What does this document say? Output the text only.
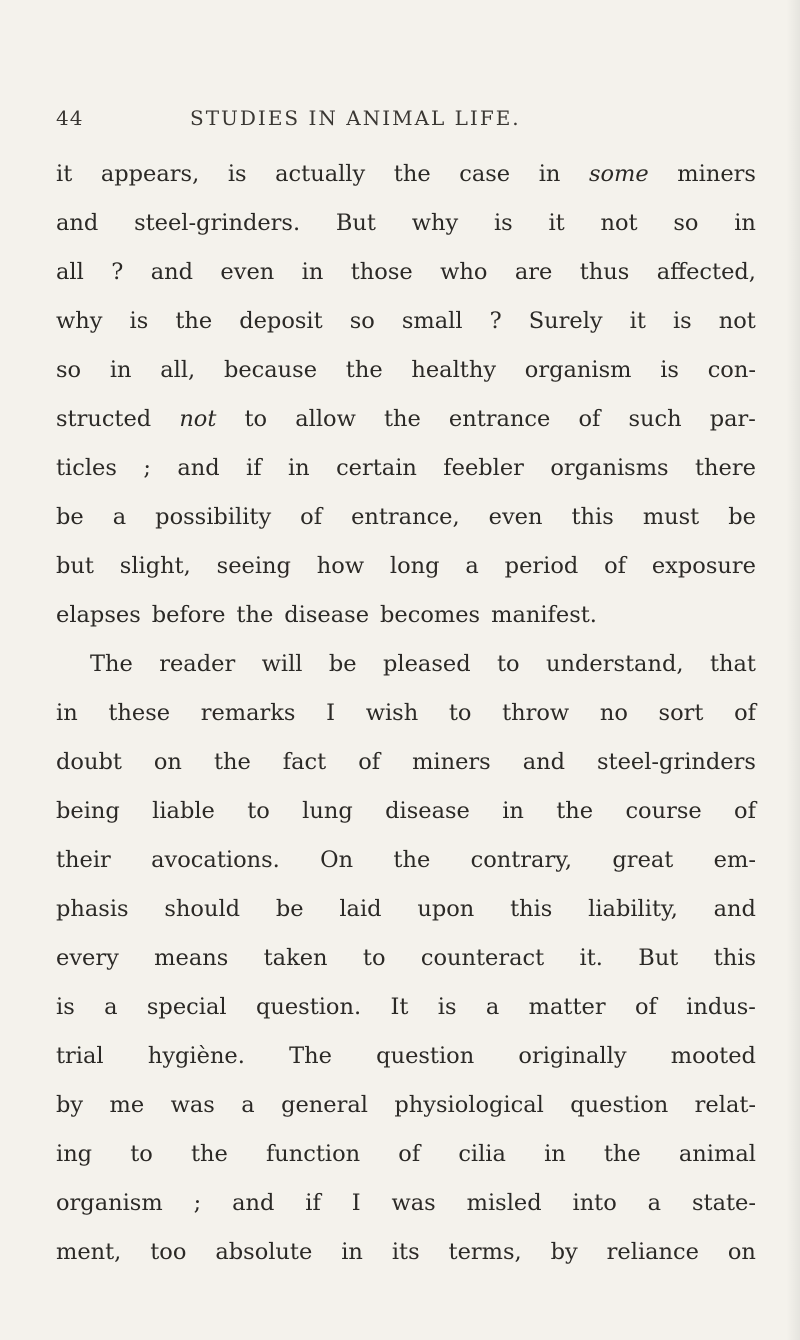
44	STUDIES IN ANIMAL LIFE.
it appears, is actually the case in some miners
and steel-grinders. But why is it not so in
all ? and even in those who are thus affected,
why is the deposit so small ? Surely it is not
so in all, because the healthy organism is con-
structed not to allow the entrance of such par-
ticles ; and if in certain feebler organisms there
be a possibility of entrance, even this must be
but slight, seeing how long a period of exposure
elapses before the disease becomes manifest.
The reader will be pleased to understand, that
in these remarks I wish to throw no sort of
doubt on the fact of miners and steel-grinders
being liable to lung disease in the course of
their avocations. On the contrary, great em-
phasis should be laid upon this liability, and
every means taken to counteract it. But this
is a special question. It is a matter of indus-
trial hygiène. The question originally mooted
by me was a general physiological question relat-
ing to the function of cilia in the animal
organism ; and if I was misled into a state-
ment, too absolute in its terms, by reliance on
